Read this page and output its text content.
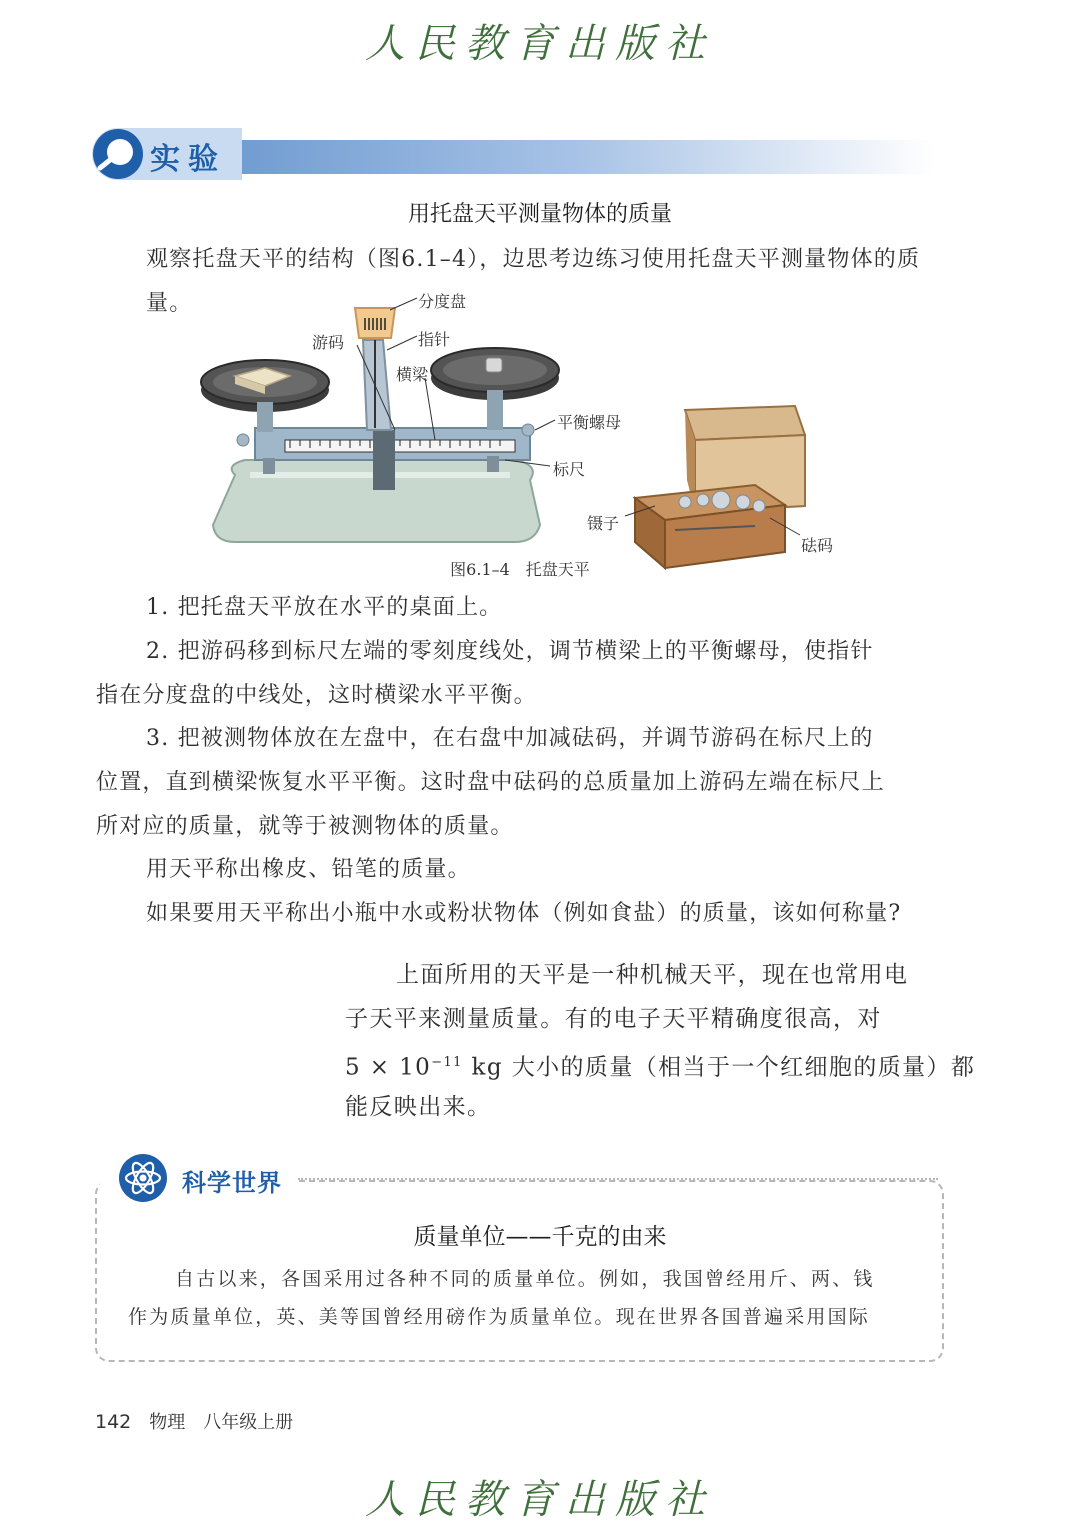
人民教育出版社
实验
用托盘天平测量物体的质量
观察托盘天平的结构（图6.1–4），边思考边练习使用托盘天平测量物体的质量。	分度盘
游码	指针
横梁
平衡螺母
标尺
镊子
砝码
图6.1–4　托盘天平
1. 把托盘天平放在水平的桌面上。
2. 把游码移到标尺左端的零刻度线处，调节横梁上的平衡螺母，使指针
指在分度盘的中线处，这时横梁水平平衡。
3. 把被测物体放在左盘中，在右盘中加减砝码，并调节游码在标尺上的
位置，直到横梁恢复水平平衡。这时盘中砝码的总质量加上游码左端在标尺上
所对应的质量，就等于被测物体的质量。
用天平称出橡皮、铅笔的质量。
如果要用天平称出小瓶中水或粉状物体（例如食盐）的质量，该如何称量?
上面所用的天平是一种机械天平，现在也常用电
子天平来测量质量。有的电子天平精确度很高，对
$5 \times 10^{-11}$ kg 大小的质量（相当于一个红细胞的质量）都
能反映出来。
科学世界
质量单位——千克的由来
自古以来，各国采用过各种不同的质量单位。例如，我国曾经用斤、两、钱
作为质量单位，英、美等国曾经用磅作为质量单位。现在世界各国普遍采用国际
142 物理　八年级上册
人民教育出版社
